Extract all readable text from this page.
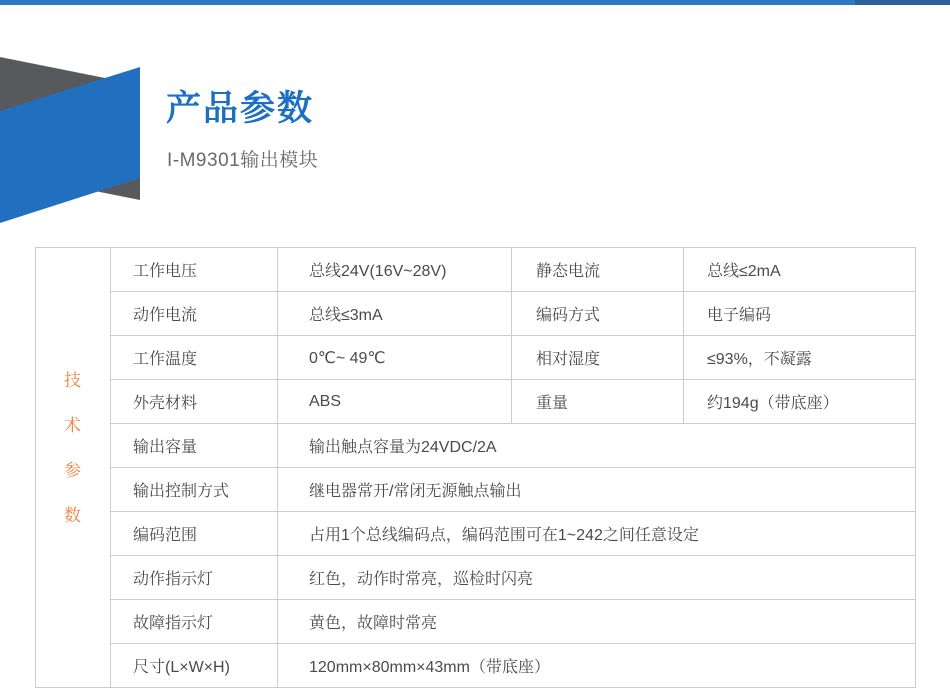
产品参数
I-M9301输出模块
技
术
参
数	工作电压	总线24V(16V~28V)	静态电流	总线≤2mA
	动作电流	总线≤3mA	编码方式	电子编码
	工作温度	0℃~ 49℃	相对湿度	≤93%，不凝露
	外壳材料	ABS	重量	约194g（带底座）
	输出容量	输出触点容量为24VDC/2A		
	输出控制方式	继电器常开/常闭无源触点输出		
	编码范围	占用1个总线编码点，编码范围可在1~242之间任意设定		
	动作指示灯	红色，动作时常亮，巡检时闪亮		
	故障指示灯	黄色，故障时常亮		
	尺寸(L×W×H)	120mm×80mm×43mm（带底座）		
